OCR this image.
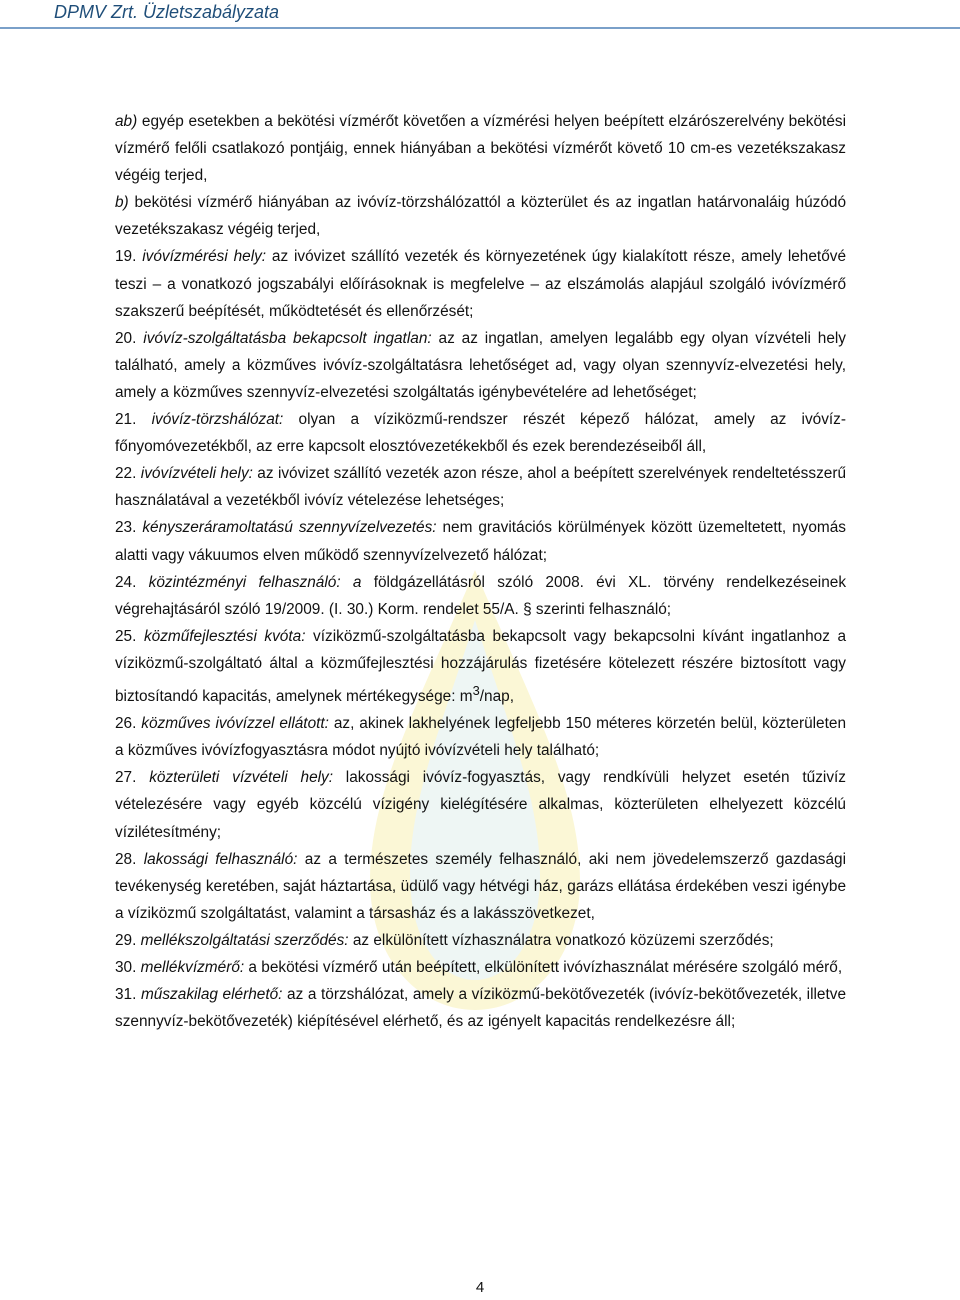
DPMV Zrt. Üzletszabályzata

ab) egyép esetekben a bekötési vízmérőt követően a vízmérési helyen beépített elzárószerelvény bekötési vízmérő felőli csatlakozó pontjáig, ennek hiányában a bekötési vízmérőt követő 10 cm-es vezetékszakasz végéig terjed,

b) bekötési vízmérő hiányában az ivóvíz-törzshálózattól a közterület és az ingatlan határvonaláig húzódó vezetékszakasz végéig terjed,

19. ivóvízmérési hely: az ivóvizet szállító vezeték és környezetének úgy kialakított része, amely lehetővé teszi – a vonatkozó jogszabályi előírásoknak is megfelelve – az elszámolás alapjául szolgáló ivóvízmérő szakszerű beépítését, működtetését és ellenőrzését;

20. ivóvíz-szolgáltatásba bekapcsolt ingatlan: az az ingatlan, amelyen legalább egy olyan vízvételi hely található, amely a közműves ivóvíz-szolgáltatásra lehetőséget ad, vagy olyan szennyvíz-elvezetési hely, amely a közműves szennyvíz-elvezetési szolgáltatás igénybevételére ad lehetőséget;

21. ivóvíz-törzshálózat: olyan a víziközmű-rendszer részét képező hálózat, amely az ivóvíz-főnyomóvezetékből, az erre kapcsolt elosztóvezetékekből és ezek berendezéseiből áll,

22. ivóvízvételi hely: az ivóvizet szállító vezeték azon része, ahol a beépített szerelvények rendeltetésszerű használatával a vezetékből ivóvíz vételezése lehetséges;

23. kényszeráramoltatású szennyvízelvezetés: nem gravitációs körülmények között üzemeltetett, nyomás alatti vagy vákuumos elven működő szennyvízelvezető hálózat;

24. közintézményi felhasználó: a földgázellátásról szóló 2008. évi XL. törvény rendelkezéseinek végrehajtásáról szóló 19/2009. (I. 30.) Korm. rendelet 55/A. § szerinti felhasználó;

25. közműfejlesztési kvóta: víziközmű-szolgáltatásba bekapcsolt vagy bekapcsolni kívánt ingatlanhoz a víziközmű-szolgáltató által a közműfejlesztési hozzájárulás fizetésére kötelezett részére biztosított vagy biztosítandó kapacitás, amelynek mértékegysége: $m^3$/nap,

26. közműves ivóvízzel ellátott: az, akinek lakhelyének legfeljebb 150 méteres körzetén belül, közterületen a közműves ivóvízfogyasztásra módot nyújtó ivóvízvételi hely található;

27. közterületi vízvételi hely: lakossági ivóvíz-fogyasztás, vagy rendkívüli helyzet esetén tűzivíz vételezésére vagy egyéb közcélú vízigény kielégítésére alkalmas, közterületen elhelyezett közcélú vízilétesítmény;

28. lakossági felhasználó: az a természetes személy felhasználó, aki nem jövedelemszerző gazdasági tevékenység keretében, saját háztartása, üdülő vagy hétvégi ház, garázs ellátása érdekében veszi igénybe a víziközmű szolgáltatást, valamint a társasház és a lakásszövetkezet,

29. mellékszolgáltatási szerződés: az elkülönített vízhasználatra vonatkozó közüzemi szerződés;

30. mellékvízmérő: a bekötési vízmérő után beépített, elkülönített ivóvízhasználat mérésére szolgáló mérő,

31. műszakilag elérhető: az a törzshálózat, amely a víziközmű-bekötővezeték (ivóvíz-bekötővezeték, illetve szennyvíz-bekötővezeték) kiépítésével elérhető, és az igényelt kapacitás rendelkezésre áll;

4
